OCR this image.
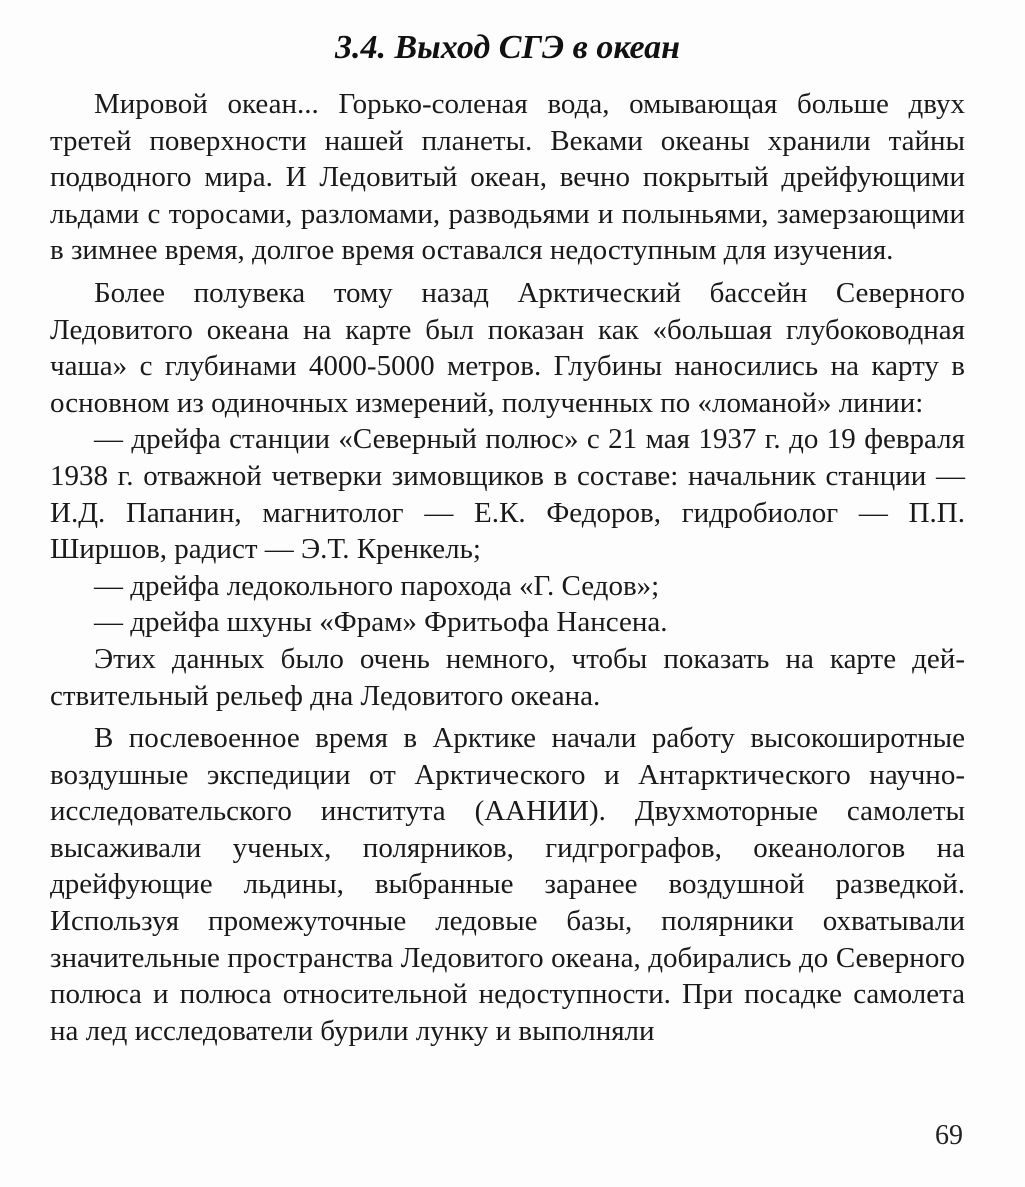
3.4. Выход СГЭ в океан

Мировой океан... Горько-соленая вода, омывающая больше двух третей поверхности нашей планеты. Веками океаны хранили тайны подводного мира. И Ледовитый океан, вечно покрытый дрейфующими льдами с торосами, разломами, разводьями и полыньями, замерзающими в зимнее время, долгое время оставался недоступным для изучения.

Более полувека тому назад Арктический бассейн Северного Ледовитого океана на карте был показан как «большая глубоководная чаша» с глубинами 4000-5000 метров. Глубины наносились на карту в основном из одиночных измерений, полученных по «ломаной» линии:

— дрейфа станции «Северный полюс» с 21 мая 1937 г. до 19 февраля 1938 г. отважной четверки зимовщиков в составе: начальник станции — И.Д. Папанин, магнитолог — Е.К. Федоров, гидробиолог — П.П. Ширшов, радист — Э.Т. Кренкель;

— дрейфа ледокольного парохода «Г. Седов»;

— дрейфа шхуны «Фрам» Фритьофа Нансена.

Этих данных было очень немного, чтобы показать на карте действительный рельеф дна Ледовитого океана.

В послевоенное время в Арктике начали работу высокоширотные воздушные экспедиции от Арктического и Антарктического научно-исследовательского института (ААНИИ). Двухмоторные самолеты высаживали ученых, полярников, гидгрографов, океанологов на дрейфующие льдины, выбранные заранее воздушной разведкой. Используя промежуточные ледовые базы, полярники охватывали значительные пространства Ледовитого океана, добирались до Северного полюса и полюса относительной недоступности. При посадке самолета на лед исследователи бурили лунку и выполняли

69
